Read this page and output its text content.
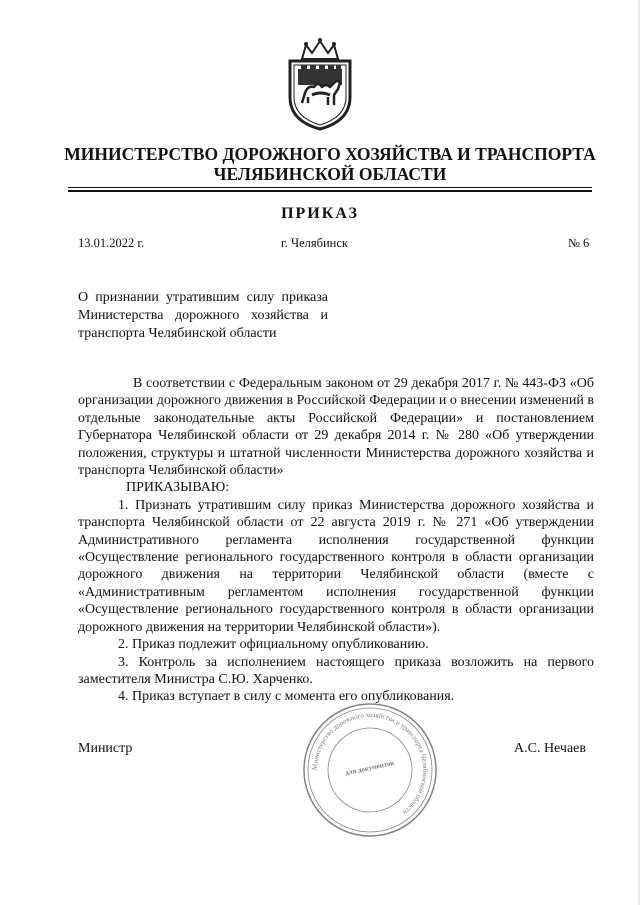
МИНИСТЕРСТВО ДОРОЖНОГО ХОЗЯЙСТВА И ТРАНСПОРТА
ЧЕЛЯБИНСКОЙ ОБЛАСТИ
ПРИКАЗ
13.01.2022 г.	г. Челябинск	№ 6
О признании утратившим силу приказа Министерства дорожного хозяйства и транспорта Челябинской области

В соответствии с Федеральным законом от 29 декабря 2017 г. № 443-ФЗ «Об организации дорожного движения в Российской Федерации и о внесении изменений в отдельные законодательные акты Российской Федерации» и постановлением Губернатора Челябинской области от 29 декабря 2014 г. № 280 «Об утверждении положения, структуры и штатной численности Министерства дорожного хозяйства и транспорта Челябинской области»

ПРИКАЗЫВАЮ:

1. Признать утратившим силу приказ Министерства дорожного хозяйства и транспорта Челябинской области от 22 августа 2019 г. № 271 «Об утверждении Административного регламента исполнения государственной функции «Осуществление регионального государственного контроля в области организации дорожного движения на территории Челябинской области (вместе с «Административным регламентом исполнения государственной функции «Осуществление регионального государственного контроля в области организации дорожного движения на территории Челябинской области»).

2. Приказ подлежит официальному опубликованию.

3. Контроль за исполнением настоящего приказа возложить на первого заместителя Министра С.Ю. Харченко.

4. Приказ вступает в силу с момента его опубликования.

Министр	А.С. Нечаев
Министерство дорожного хозяйства и транспорта Челябинской области
для документов
